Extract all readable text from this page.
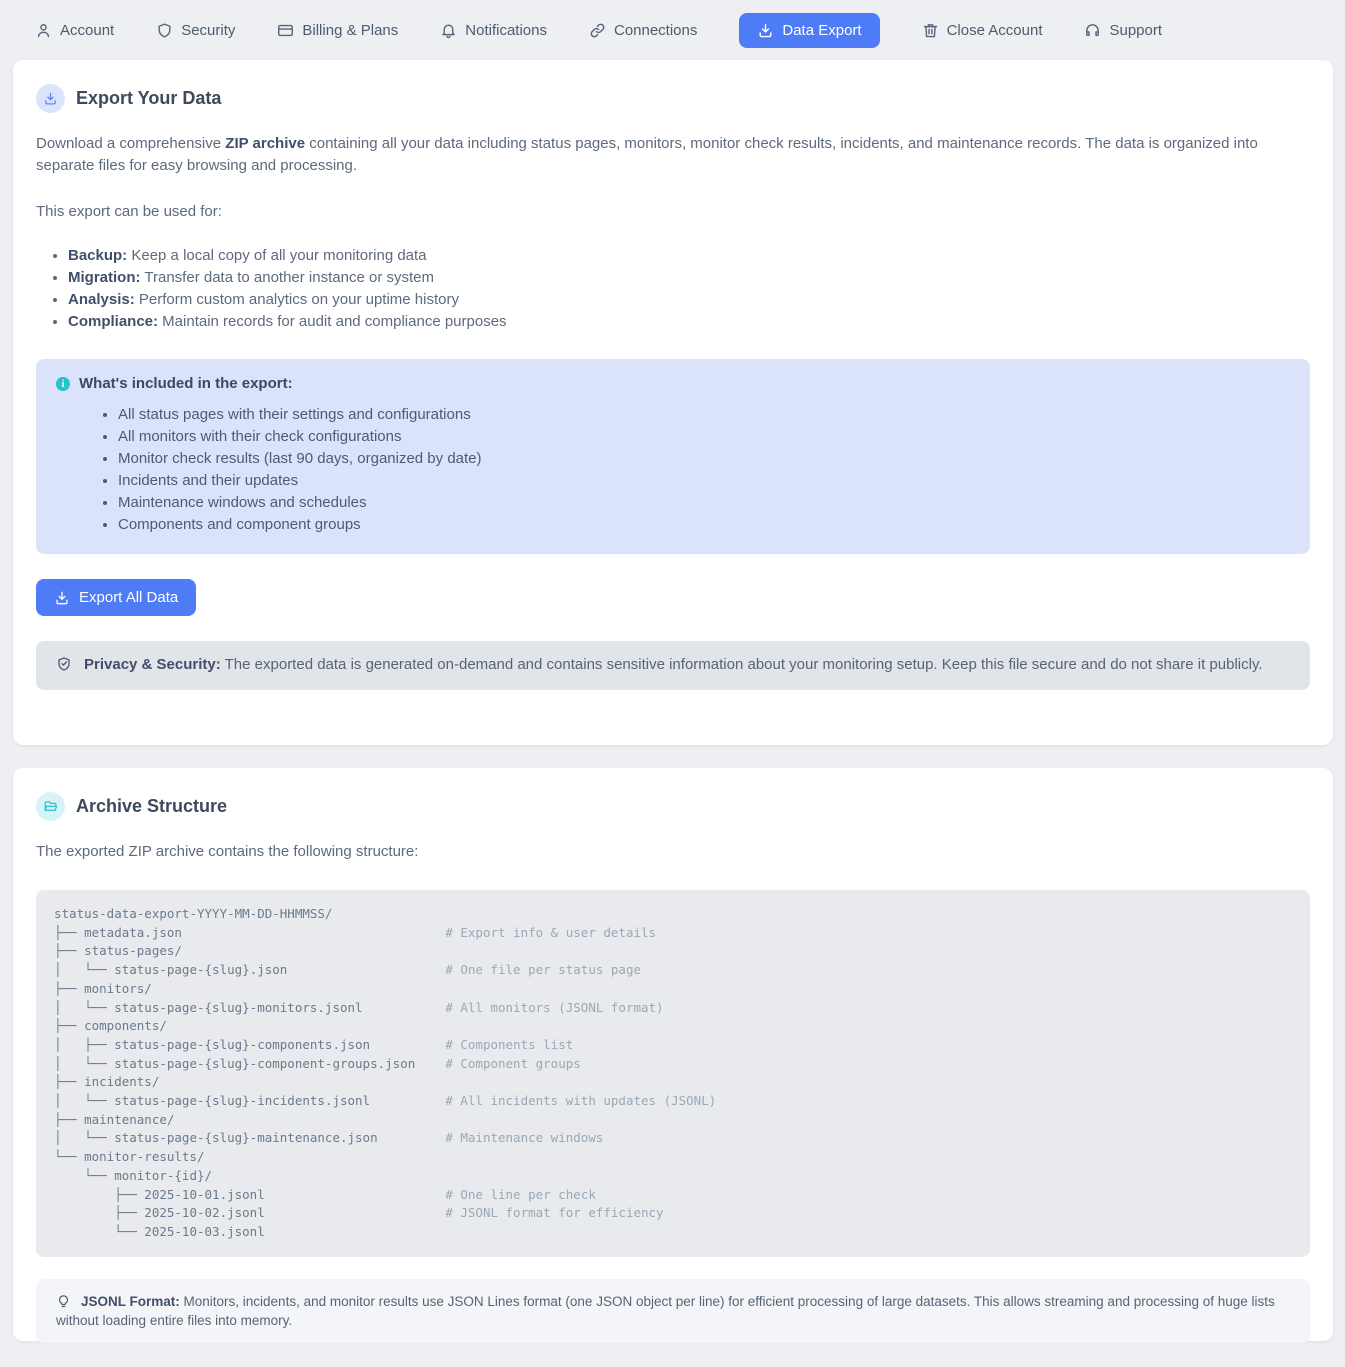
Account	Security	Billing & Plans	Notifications	Connections	Data Export	Close Account	Support
Export Your Data

Download a comprehensive ZIP archive containing all your data including status pages, monitors, monitor check results, incidents, and maintenance records. The data is organized into separate files for easy browsing and processing.

This export can be used for:

• Backup: Keep a local copy of all your monitoring data
• Migration: Transfer data to another instance or system
• Analysis: Perform custom analytics on your uptime history
• Compliance: Maintain records for audit and compliance purposes
i What's included in the export:
• All status pages with their settings and configurations
• All monitors with their check configurations
• Monitor check results (last 90 days, organized by date)
• Incidents and their updates
• Maintenance windows and schedules
• Components and component groups
Export All Data
Privacy & Security: The exported data is generated on-demand and contains sensitive information about your monitoring setup. Keep this file secure and do not share it publicly.
Archive Structure

The exported ZIP archive contains the following structure:

status-data-export-YYYY-MM-DD-HHMMSS/
├── metadata.json	# Export info & user details
├── status-pages/
│   └── status-page-{slug}.json	# One file per status page
├── monitors/
│   └── status-page-{slug}-monitors.jsonl	# All monitors (JSONL format)
├── components/
│   ├── status-page-{slug}-components.json	# Components list
│   └── status-page-{slug}-component-groups.json # Component groups
├── incidents/
│   └── status-page-{slug}-incidents.jsonl	# All incidents with updates (JSONL)
├── maintenance/
│   └── status-page-{slug}-maintenance.json	# Maintenance windows
└── monitor-results/
└── monitor-{id}/
├── 2025-10-01.jsonl	# One line per check
├── 2025-10-02.jsonl	# JSONL format for efficiency
└── 2025-10-03.jsonl
JSONL Format: Monitors, incidents, and monitor results use JSON Lines format (one JSON object per line) for efficient processing of large datasets. This allows streaming and processing of huge lists without loading entire files into memory.
